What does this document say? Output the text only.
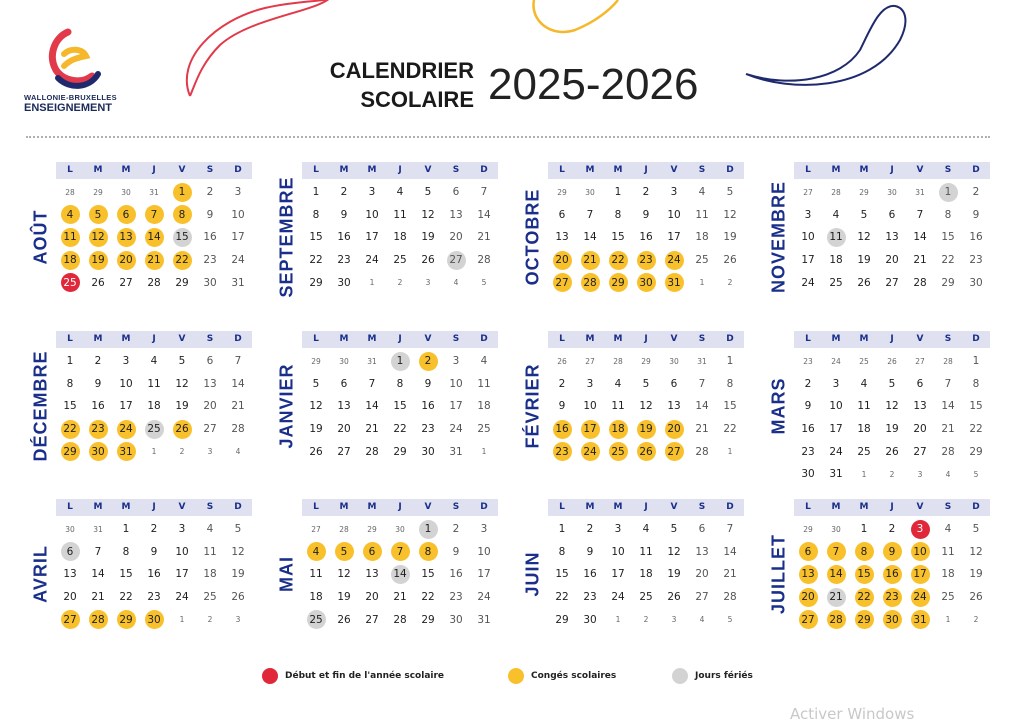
WALLONIE-BRUXELLES
ENSEIGNEMENT
CALENDRIER
SCOLAIRE 2025-2026
AOÛT
L	M	M	J	V	S	D
28	29	30	31	1	2	3
4	5	6	7	8	9	10
11 12 13 14 15 16 17
18 19 20 21 22 23 24
25 26 27 28 29 30 31 SEPTEMBRE
L	M	M	J	V	S	D
1	2	3	4	5	6	7
8	9	10 11 12 13 14
15 16 17 18 19 20 21
22 23 24 25 26 27 28
29 30	1	2	3	4	5	OCTOBRE
L	M	M	J	V	S	D
29	30	1	2	3	4	5
6	7	8	9	10 11 12
13 14 15 16 17 18 19
20 21 22 23 24 25 26
27 28 29 30 31	1	2	NOVEMBRE
L	M	M	J	V	S	D
27	28	29	30	31	1	2
3	4	5	6	7	8	9
10 11 12 13 14 15 16
17 18 19 20 21 22 23
24 25 26 27 28 29 30
DÉCEMBRE
L	M	M	J	V	S	D
1	2	3	4	5	6	7
8	9	10 11 12 13 14
15 16 17 18 19 20 21
22 23 24 25 26 27 28
29 30 31	1	2	3	4
JANVIER
L	M	M	J	V	S	D
29	30	31	1	2	3	4
5	6	7	8	9	10 11
12 13 14 15 16 17 18
19 20 21 22 23 24 25
26 27 28 29 30 31	1
FÉVRIER
L	M	M	J	V	S	D
26	27	28	29	30	31	1
2	3	4	5	6	7	8
9	10 11 12 13 14 15
16 17 18 19 20 21 22
23 24 25 26 27 28	1
MARS
L	M	M	J	V	S	D
23	24	25	26	27	28	1
2	3	4	5	6	7	8
9	10 11 12 13 14 15
16 17 18 19 20 21 22
23 24 25 26 27 28 29
30 31	1	2	3	4	5
AVRIL
L	M	M	J	V	S	D
30	31	1	2	3	4	5
6	7	8	9	10 11 12
13 14 15 16 17 18 19
20 21 22 23 24 25 26
27 28 29 30	1	2	3
MAI
L	M	M	J	V	S	D
27	28	29	30	1	2	3
4	5	6	7	8	9	10
11 12 13 14 15 16 17
18 19 20 21 22 23 24
25 26 27 28 29 30 31
JUIN
L	M	M	J	V	S	D
1	2	3	4	5	6	7
8	9	10 11 12 13 14
15 16 17 18 19 20 21
22 23 24 25 26 27 28
29 30	1	2	3	4	5
JUILLET
L	M	M	J	V	S	D
29	30	1	2	3	4	5
6	7	8	9	10 11 12
13 14 15 16 17 18 19
20 21 22 23 24 25 26
27 28 29 30 31	1	2
Début et fin de l'année scolaire	Congés scolaires	Jours fériés
Activer Windows
